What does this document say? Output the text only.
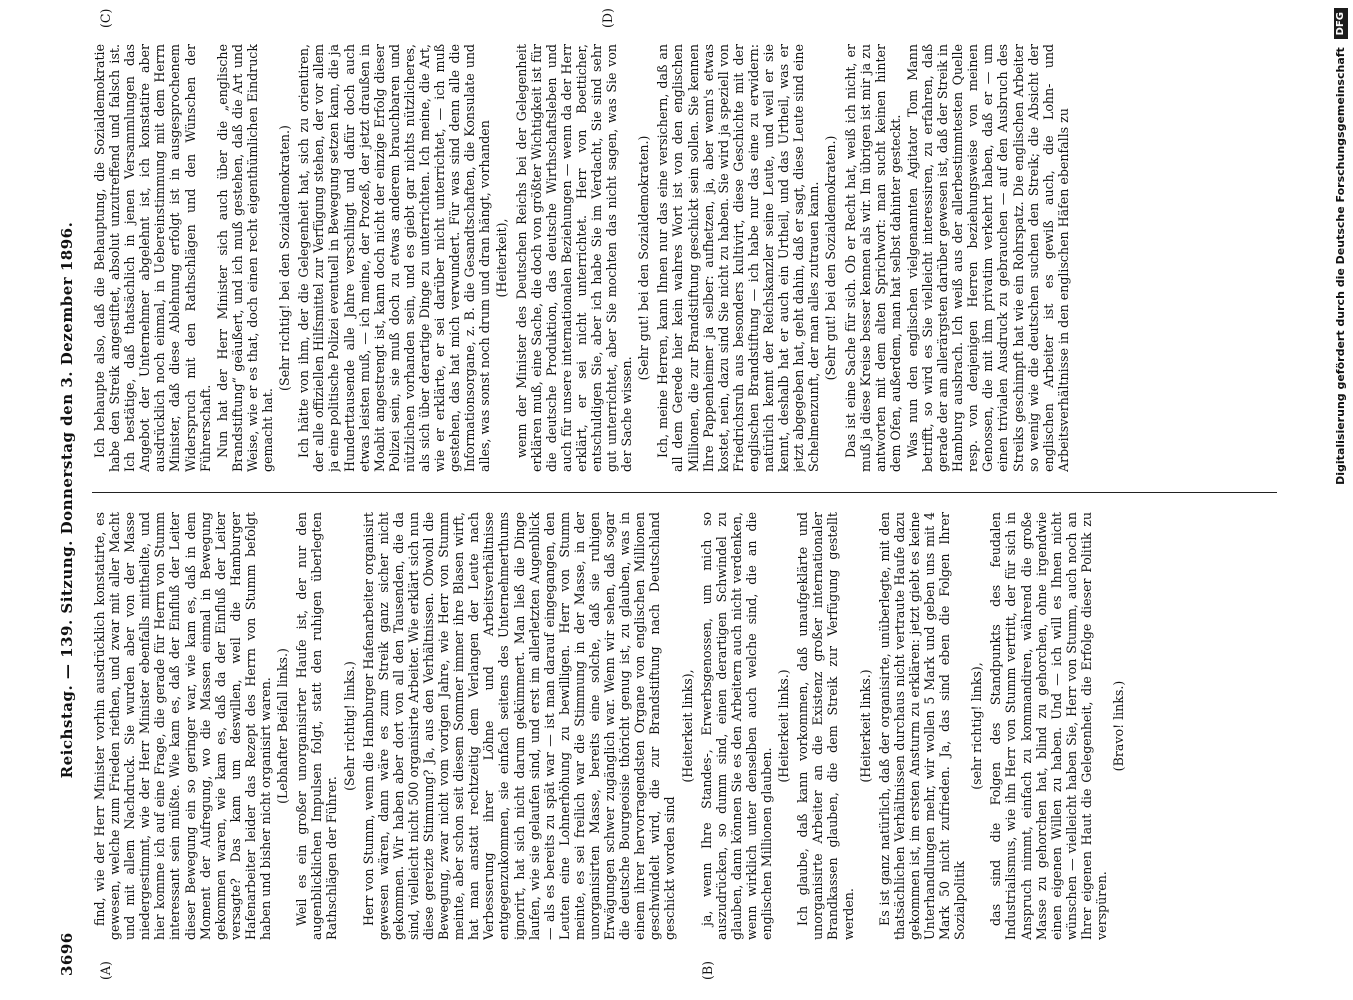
3696
Reichstag. — 139. Sitzung. Donnerstag den 3. Dezember 1896.
(A)	(B)
(C)	(D)

find, wie der Herr Minister vorhin ausdrücklich konstatirte, es gewesen, welche zum Frieden riethen, und zwar mit aller Macht und mit allem Nachdruck. Sie wurden aber von der Masse niedergestimmt, wie der Herr Minister ebenfalls mittheilte, und hier komme ich auf eine Frage, die gerade für Herrn von Stumm interessant sein müßte. Wie kam es, daß der Einfluß der Leiter dieser Bewegung ein so geringer war, wie kam es, daß in dem Moment der Aufregung, wo die Massen einmal in Bewegung gekommen waren, wie kam es, daß da der Einfluß der Leiter versagte? Das kam um deswillen, weil die Hamburger Hafenarbeiter leider das Rezept des Herrn von Stumm befolgt haben und bisher nicht organisirt waren. (Lebhafter Beifall links.) Weil es ein großer unorganisirter Haufe ist, der nur den augenblicklichen Impulsen folgt, statt den ruhigen überlegten Rathschlägen der Führer.

(Sehr richtig! links.) Herr von Stumm, wenn die Hamburger Hafenarbeiter organisirt gewesen wären, dann wäre es zum Streik ganz sicher nicht gekommen. Wir haben aber dort von all den Tausenden, die da sind, vielleicht nicht 500 organisirte Arbeiter. Wie erklärt sich nun diese gereizte Stimmung? Ja, aus den Verhältnissen. Obwohl die Bewegung, zwar nicht vom vorigen Jahre, wie Herr von Stumm meinte, aber schon seit diesem Sommer immer ihre Blasen wirft, hat man anstatt rechtzeitig dem Verlangen der Leute nach Verbesserung ihrer Löhne und Arbeitsverhältnisse entgegenzukommen, sie einfach seitens des Unternehmerthums ignorirt, hat sich nicht darum gekümmert. Man ließ die Dinge laufen, wie sie gelaufen sind, und erst im allerletzten Augenblick — als es bereits zu spät war — ist man darauf eingegangen, den Leuten eine Lohnerhöhung zu bewilligen. Herr von Stumm meinte, es sei freilich war die Stimmung in der Masse, in der unorganisirten Masse, bereits eine solche, daß sie ruhigen Erwägungen schwer zugänglich war. Wenn wir sehen, daß sogar die deutsche Bourgeoisie thöricht genug ist, zu glauben, was in einem ihrer hervorragendsten Organe von englischen Millionen geschwindelt wird, die zur Brandstiftung nach Deutschland geschickt worden sind

(Heiterkeit links), ja, wenn Ihre Standes-, Erwerbsgenossen, um mich so auszudrücken, so dumm sind, einen derartigen Schwindel zu glauben, dann können Sie es den Arbeitern auch nicht verdenken, wenn wirklich unter denselben auch welche sind, die an die englischen Millionen glauben.

(Heiterkeit links.) Ich glaube, daß kann vorkommen, daß unaufgeklärte und unorganisirte Arbeiter an die Existenz großer internationaler Brandkassen glauben, die dem Streik zur Verfügung gestellt werden.

(Heiterkeit links.) Es ist ganz natürlich, daß der organisirte, unüberlegte, mit den thatsächlichen Verhältnissen durchaus nicht vertraute Haufe dazu gekommen ist, im ersten Ansturm zu erklären: jetzt giebt es keine Unterhandlungen mehr, wir wollen 5 Mark und geben uns mit 4 Mark 50 nicht zufrieden. Ja, das sind eben die Folgen Ihrer Sozialpolitik

(sehr richtig! links), das sind die Folgen des Standpunkts des feudalen Industrialismus, wie ihn Herr von Stumm vertritt, der für sich in Anspruch nimmt, einfach zu kommandiren, während die große Masse zu gehorchen hat, blind zu gehorchen, ohne irgendwie einen eigenen Willen zu haben. Und — ich will es Ihnen nicht wünschen — vielleicht haben Sie, Herr von Stumm, auch noch an Ihrer eigenen Haut die Gelegenheit, die Erfolge dieser Politik zu verspüren.

(Bravo! links.)

Ich behaupte also, daß die Behauptung, die Sozialdemokratie habe den Streik angestiftet, absolut unzutreffend und falsch ist. Ich bestätige, daß thatsächlich in jenen Versammlungen das Angebot der Unternehmer abgelehnt ist, ich konstatire aber ausdrücklich noch einmal, in Uebereinstimmung mit dem Herrn Minister, daß diese Ablehnung erfolgt ist in ausgesprochenem Widerspruch mit den Rathschlägen und den Wünschen der Führerschaft. Nun hat der Herr Minister sich auch über die „englische Brandstiftung“ geäußert, und ich muß gestehen, daß die Art und Weise, wie er es that, doch einen recht eigenthümlichen Eindruck gemacht hat.

(Sehr richtig! bei den Sozialdemokraten.) Ich hätte von ihm, der die Gelegenheit hat, sich zu orientiren, der alle offiziellen Hilfsmittel zur Verfügung stehen, der vor allem ja eine politische Polizei eventuell in Bewegung setzen kann, die ja Hunderttausende alle Jahre verschlingt und dafür doch auch etwas leisten muß, — ich meine, der Prozeß, der jetzt draußen in Moabit angestrengt ist, kann doch nicht der einzige Erfolg dieser Polizei sein, sie muß doch zu etwas anderem brauchbaren und nützlichen vorhanden sein, und es giebt gar nichts nützlicheres, als sich über derartige Dinge zu unterrichten. Ich meine, die Art, wie er erklärte, er sei darüber nicht unterrichtet, — ich muß gestehen, das hat mich verwundert. Für was sind denn alle die Informationsorgane, z. B. die Gesandtschaften, die Konsulate und alles, was sonst noch drum und dran hängt, vorhanden (Heiterkeit), wenn der Minister des Deutschen Reichs bei der Gelegenheit erklären muß, eine Sache, die doch von größter Wichtigkeit ist für die deutsche Produktion, das deutsche Wirthschaftsleben und auch für unsere internationalen Beziehungen — wenn da der Herr erklärt, er sei nicht unterrichtet. Herr von Boetticher, entschuldigen Sie, aber ich habe Sie im Verdacht, Sie sind sehr gut unterrichtet, aber Sie mochten das nicht sagen, was Sie von der Sache wissen.

(Sehr gut! bei den Sozialdemokraten.) Ich, meine Herren, kann Ihnen nur das eine versichern, daß an all dem Gerede hier kein wahres Wort ist von den englischen Millionen, die zur Brandstiftung geschickt sein sollen. Sie kennen Ihre Pappenheimer ja selber: aufhetzen, ja, aber wenn's etwas kostet, nein, dazu sind Sie nicht zu haben. Sie wird ja speziell von Friedrichsruh aus besonders kultivirt, diese Geschichte mit der englischen Brandstiftung — ich habe nur das eine zu erwidern: natürlich kennt der Reichskanzler seine Leute, und weil er sie kennt, deshalb hat er auch ein Urtheil, und das Urtheil, was er jetzt abgegeben hat, geht dahin, daß er sagt, diese Leute sind eine Schelmenzunft, der man alles zutrauen kann. (Sehr gut! bei den Sozialdemokraten.) Das ist eine Sache für sich. Ob er Recht hat, weiß ich nicht, er muß ja diese Kreise besser kennen als wir. Im übrigen ist mir ja zu antworten mit dem alten Sprichwort: man sucht keinen hinter dem Ofen, außerdem, man hat selbst dahinter gesteckt. Was nun den englischen vielgenannten Agitator Tom Mann betrifft, so wird es Sie vielleicht interessiren, zu erfahren, daß gerade der am allerärgsten darüber gewesen ist, daß der Streik in Hamburg ausbrach. Ich weiß aus der allerbestimmtesten Quelle resp. von denjenigen Herren beziehungsweise von meinen Genossen, die mit ihm privatim verkehrt haben, daß er — um einen trivialen Ausdruck zu gebrauchen — auf den Ausbruch des Streiks geschimpft hat wie ein Rohrspatz. Die englischen Arbeiter so wenig wie die deutschen suchen den Streik; die Absicht der englischen Arbeiter ist es gewiß auch, die Lohn- und Arbeitsverhältnisse in den englischen Häfen ebenfalls zu	Digitalisierung gefördert durch die Deutsche Forschungsgemeinschaft DFG
